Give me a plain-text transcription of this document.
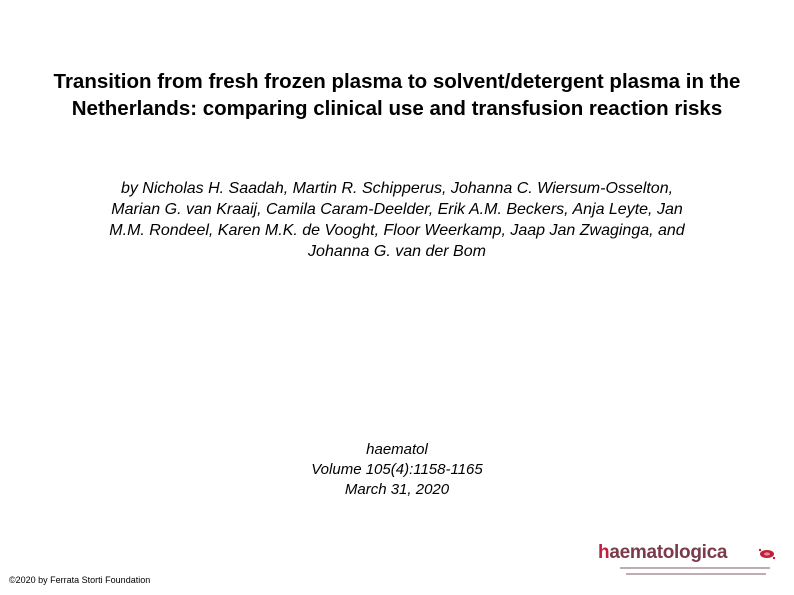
Transition from fresh frozen plasma to solvent/detergent plasma in the Netherlands: comparing clinical use and transfusion reaction risks
by Nicholas H. Saadah, Martin R. Schipperus, Johanna C. Wiersum-Osselton,
Marian G. van Kraaij, Camila Caram-Deelder, Erik A.M. Beckers, Anja Leyte, Jan
M.M. Rondeel, Karen M.K. de Vooght, Floor Weerkamp, Jaap Jan Zwaginga, and
Johanna G. van der Bom
haematol
Volume 105(4):1158-1165
March 31, 2020
©2020 by Ferrata Storti Foundation
haematologica
